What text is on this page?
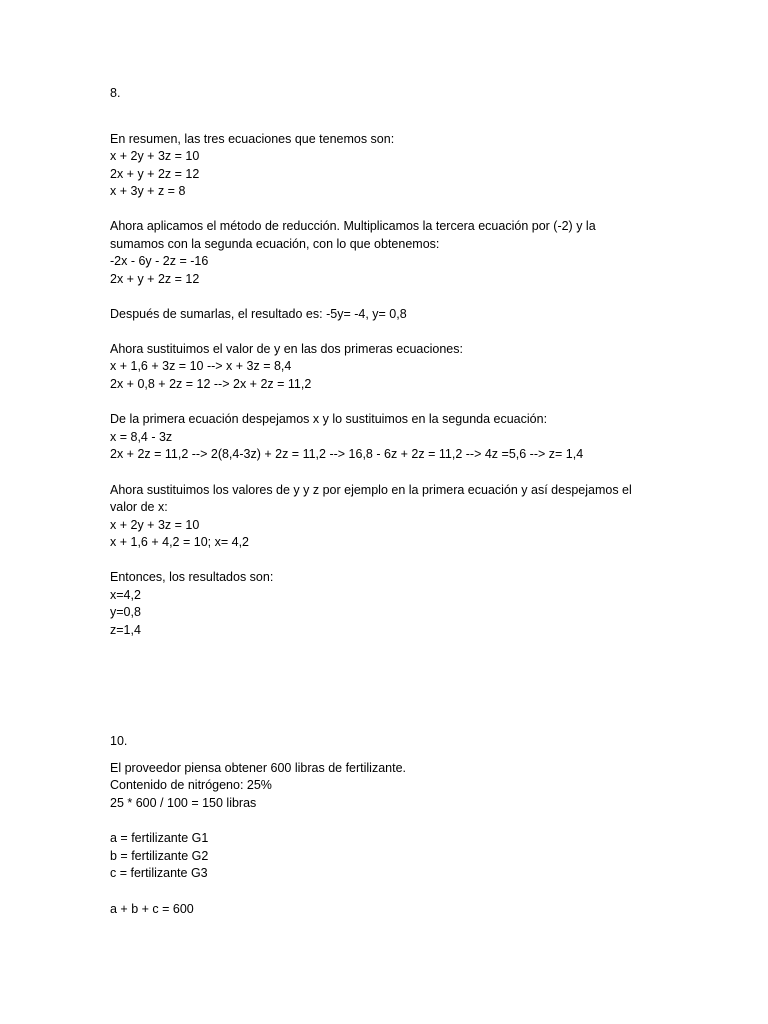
8.
En resumen, las tres ecuaciones que tenemos son:
x + 2y + 3z = 10
2x + y + 2z = 12
x + 3y + z = 8
Ahora aplicamos el método de reducción. Multiplicamos la tercera ecuación por (-2) y la
sumamos con la segunda ecuación, con lo que obtenemos:
-2x - 6y - 2z = -16
2x + y + 2z = 12
Después de sumarlas, el resultado es: -5y= -4, y= 0,8
Ahora sustituimos el valor de y en las dos primeras ecuaciones:
x + 1,6 + 3z = 10 --> x + 3z = 8,4
2x + 0,8 + 2z = 12 --> 2x + 2z = 11,2
De la primera ecuación despejamos x y lo sustituimos en la segunda ecuación:
x = 8,4 - 3z
2x + 2z = 11,2 --> 2(8,4-3z) + 2z = 11,2 --> 16,8 - 6z + 2z = 11,2 --> 4z =5,6 --> z= 1,4
Ahora sustituimos los valores de y y z por ejemplo en la primera ecuación y así despejamos el
valor de x:
x + 2y + 3z = 10
x + 1,6 + 4,2 = 10; x= 4,2
Entonces, los resultados son:
x=4,2
y=0,8
z=1,4
10.
El proveedor piensa obtener 600 libras de fertilizante.
Contenido de nitrógeno: 25%
25 * 600 / 100 = 150 libras
a = fertilizante G1
b = fertilizante G2
c = fertilizante G3
a + b + c = 600
